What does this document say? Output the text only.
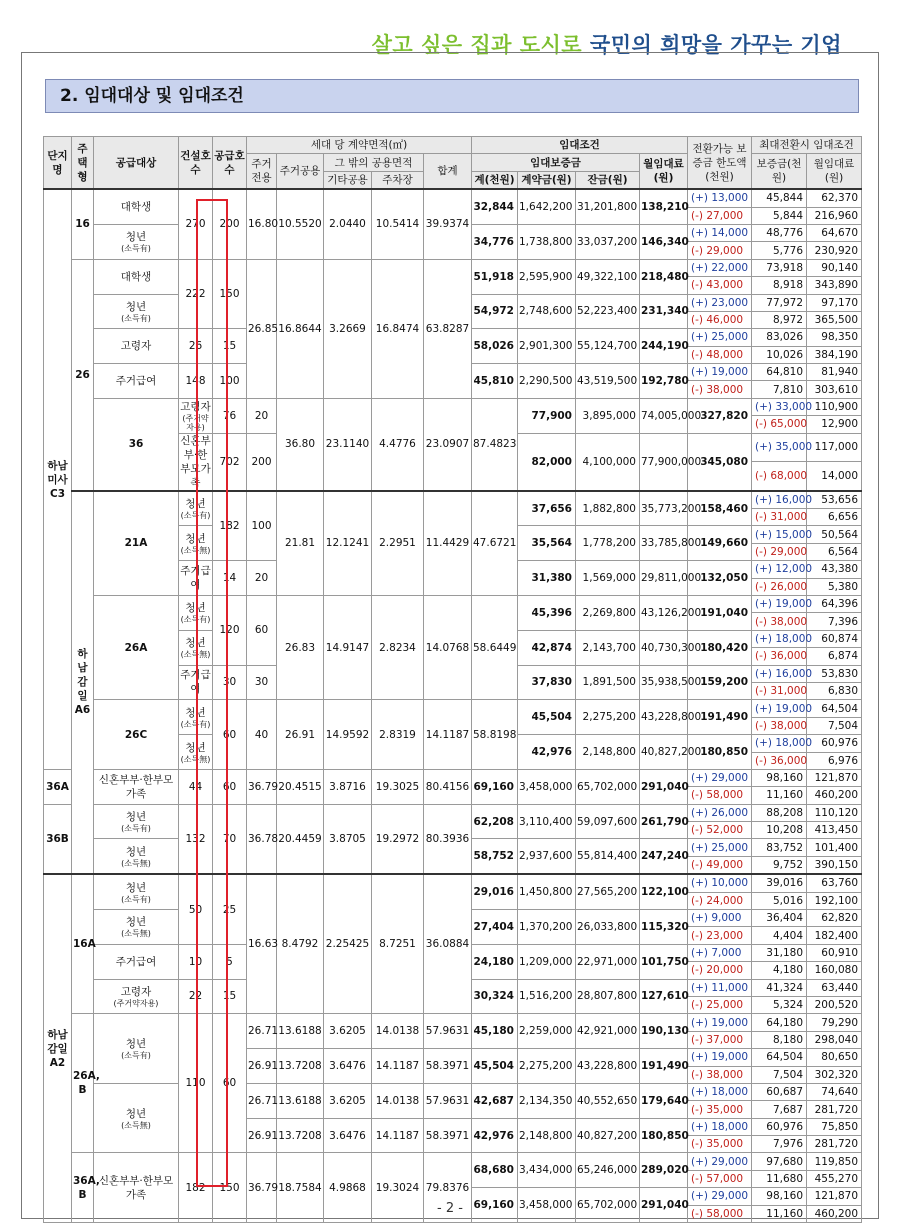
살고 싶은 집과 도시로 국민의 희망을 가꾸는 기업
2. 임대대상 및 임대조건
단지명	주택형	공급대상	건설호수	공급호수	세대 당 계약면적(㎡)					임대조건				전환가능 보증금 한도액(천원)	최대전환시 임대조건		
					주거전용	주거공용	그 밖의 공용면적		합계	임대보증금			월임대료(원)		보증금(천원)	월임대료(원)	
							기타공용	주차장		계(천원)	계약금(원)	잔금(원)					
하남 미사 C3	16	대학생	270	200	16.80	10.5520	2.0440	10.5414	39.9374	32,844	1,642,200	31,201,800	138,210	(+) 13,000	45,844	62,370	
														(-) 27,000	5,844	216,960	
		청년
(소득有)								34,776	1,738,800	33,037,200	146,340	(+) 14,000	48,776	64,670	
														(-) 29,000	5,776	230,920	
	26	대학생	222	150	26.85	16.8644	3.2669	16.8474	63.8287	51,918	2,595,900	49,322,100	218,480	(+) 22,000	73,918	90,140	
														(-) 43,000	8,918	343,890	
		청년
(소득有)								54,972	2,748,600	52,223,400	231,340	(+) 23,000	77,972	97,170	
														(-) 46,000	8,972	365,500	
		고령자	26	15						58,026	2,901,300	55,124,700	244,190	(+) 25,000	83,026	98,350	
														(-) 48,000	10,026	384,190	
		주거급여	148	100						45,810	2,290,500	43,519,500	192,780	(+) 19,000	64,810	81,940	
														(-) 38,000	7,810	303,610	
		36	고령자
(주거약자용)	76	20	36.80	23.1140	4.4776	23.0907	87.4823	77,900	3,895,000	74,005,000	327,820	(+) 33,000	110,900	
															(-) 65,000	12,900	
			신혼부부·한부모가족	702	200						82,000	4,100,000	77,900,000	345,080	(+) 35,000	117,000	
															(-) 68,000	14,000	
	하남 감일 A6	21A	청년
(소득有)	182	100	21.81	12.1241	2.2951	11.4429	47.6721	37,656	1,882,800	35,773,200	158,460	(+) 16,000	53,656	
															(-) 31,000	6,656	
			청년
(소득無)								35,564	1,778,200	33,785,800	149,660	(+) 15,000	50,564	
															(-) 29,000	6,564	
			주거급여	14	20						31,380	1,569,000	29,811,000	132,050	(+) 12,000	43,380	
															(-) 26,000	5,380	
		26A	청년
(소득有)	120	60	26.83	14.9147	2.8234	14.0768	58.6449	45,396	2,269,800	43,126,200	191,040	(+) 19,000	64,396	
															(-) 38,000	7,396	
			청년
(소득無)								42,874	2,143,700	40,730,300	180,420	(+) 18,000	60,874	
															(-) 36,000	6,874	
			주거급여	30	30						37,830	1,891,500	35,938,500	159,200	(+) 16,000	53,830	
															(-) 31,000	6,830	
		26C	청년
(소득有)	60	40	26.91	14.9592	2.8319	14.1187	58.8198	45,504	2,275,200	43,228,800	191,490	(+) 19,000	64,504	
															(-) 38,000	7,504	
			청년
(소득無)								42,976	2,148,800	40,827,200	180,850	(+) 18,000	60,976	
															(-) 36,000	6,976	
36A		신혼부부·한부모가족	44	60	36.79	20.4515	3.8716	19.3025	80.4156	69,160	3,458,000	65,702,000	291,040	(+) 29,000	98,160	121,870	
														(-) 58,000	11,160	460,200	
36B		청년
(소득有)	132	70	36.78	20.4459	3.8705	19.2972	80.3936	62,208	3,110,400	59,097,600	261,790	(+) 26,000	88,208	110,120	
														(-) 52,000	10,208	413,450	
		청년
(소득無)								58,752	2,937,600	55,814,400	247,240	(+) 25,000	83,752	101,400	
														(-) 49,000	9,752	390,150	
하남 감일 A2	16A	청년
(소득有)	50	25	16.63	8.4792	2.25425	8.7251	36.0884	29,016	1,450,800	27,565,200	122,100	(+) 10,000	39,016	63,760	
														(-) 24,000	5,016	192,100	
		청년
(소득無)								27,404	1,370,200	26,033,800	115,320	(+) 9,000	36,404	62,820	
														(-) 23,000	4,404	182,400	
		주거급여	10	5						24,180	1,209,000	22,971,000	101,750	(+) 7,000	31,180	60,910	
														(-) 20,000	4,180	160,080	
		고령자
(주거약자용)	22	15						30,324	1,516,200	28,807,800	127,610	(+) 11,000	41,324	63,440	
														(-) 25,000	5,324	200,520	
	26A, B	청년
(소득有)	110	60	26.71	13.6188	3.6205	14.0138	57.9631	45,180	2,259,000	42,921,000	190,130	(+) 19,000	64,180	79,290	
														(-) 37,000	8,180	298,040	
					26.91	13.7208	3.6476	14.1187	58.3971	45,504	2,275,200	43,228,800	191,490	(+) 19,000	64,504	80,650	
														(-) 38,000	7,504	302,320	
		청년
(소득無)			26.71	13.6188	3.6205	14.0138	57.9631	42,687	2,134,350	40,552,650	179,640	(+) 18,000	60,687	74,640	
														(-) 35,000	7,687	281,720	
					26.91	13.7208	3.6476	14.1187	58.3971	42,976	2,148,800	40,827,200	180,850	(+) 18,000	60,976	75,850	
														(-) 35,000	7,976	281,720	
	36A, B	신혼부부·한부모가족	182	150	36.79	18.7584	4.9868	19.3024	79.8376	68,680	3,434,000	65,246,000	289,020	(+) 29,000	97,680	119,850	
														(-) 57,000	11,680	455,270	
										69,160	3,458,000	65,702,000	291,040	(+) 29,000	98,160	121,870	
														(-) 58,000	11,160	460,200	
- 2 -
